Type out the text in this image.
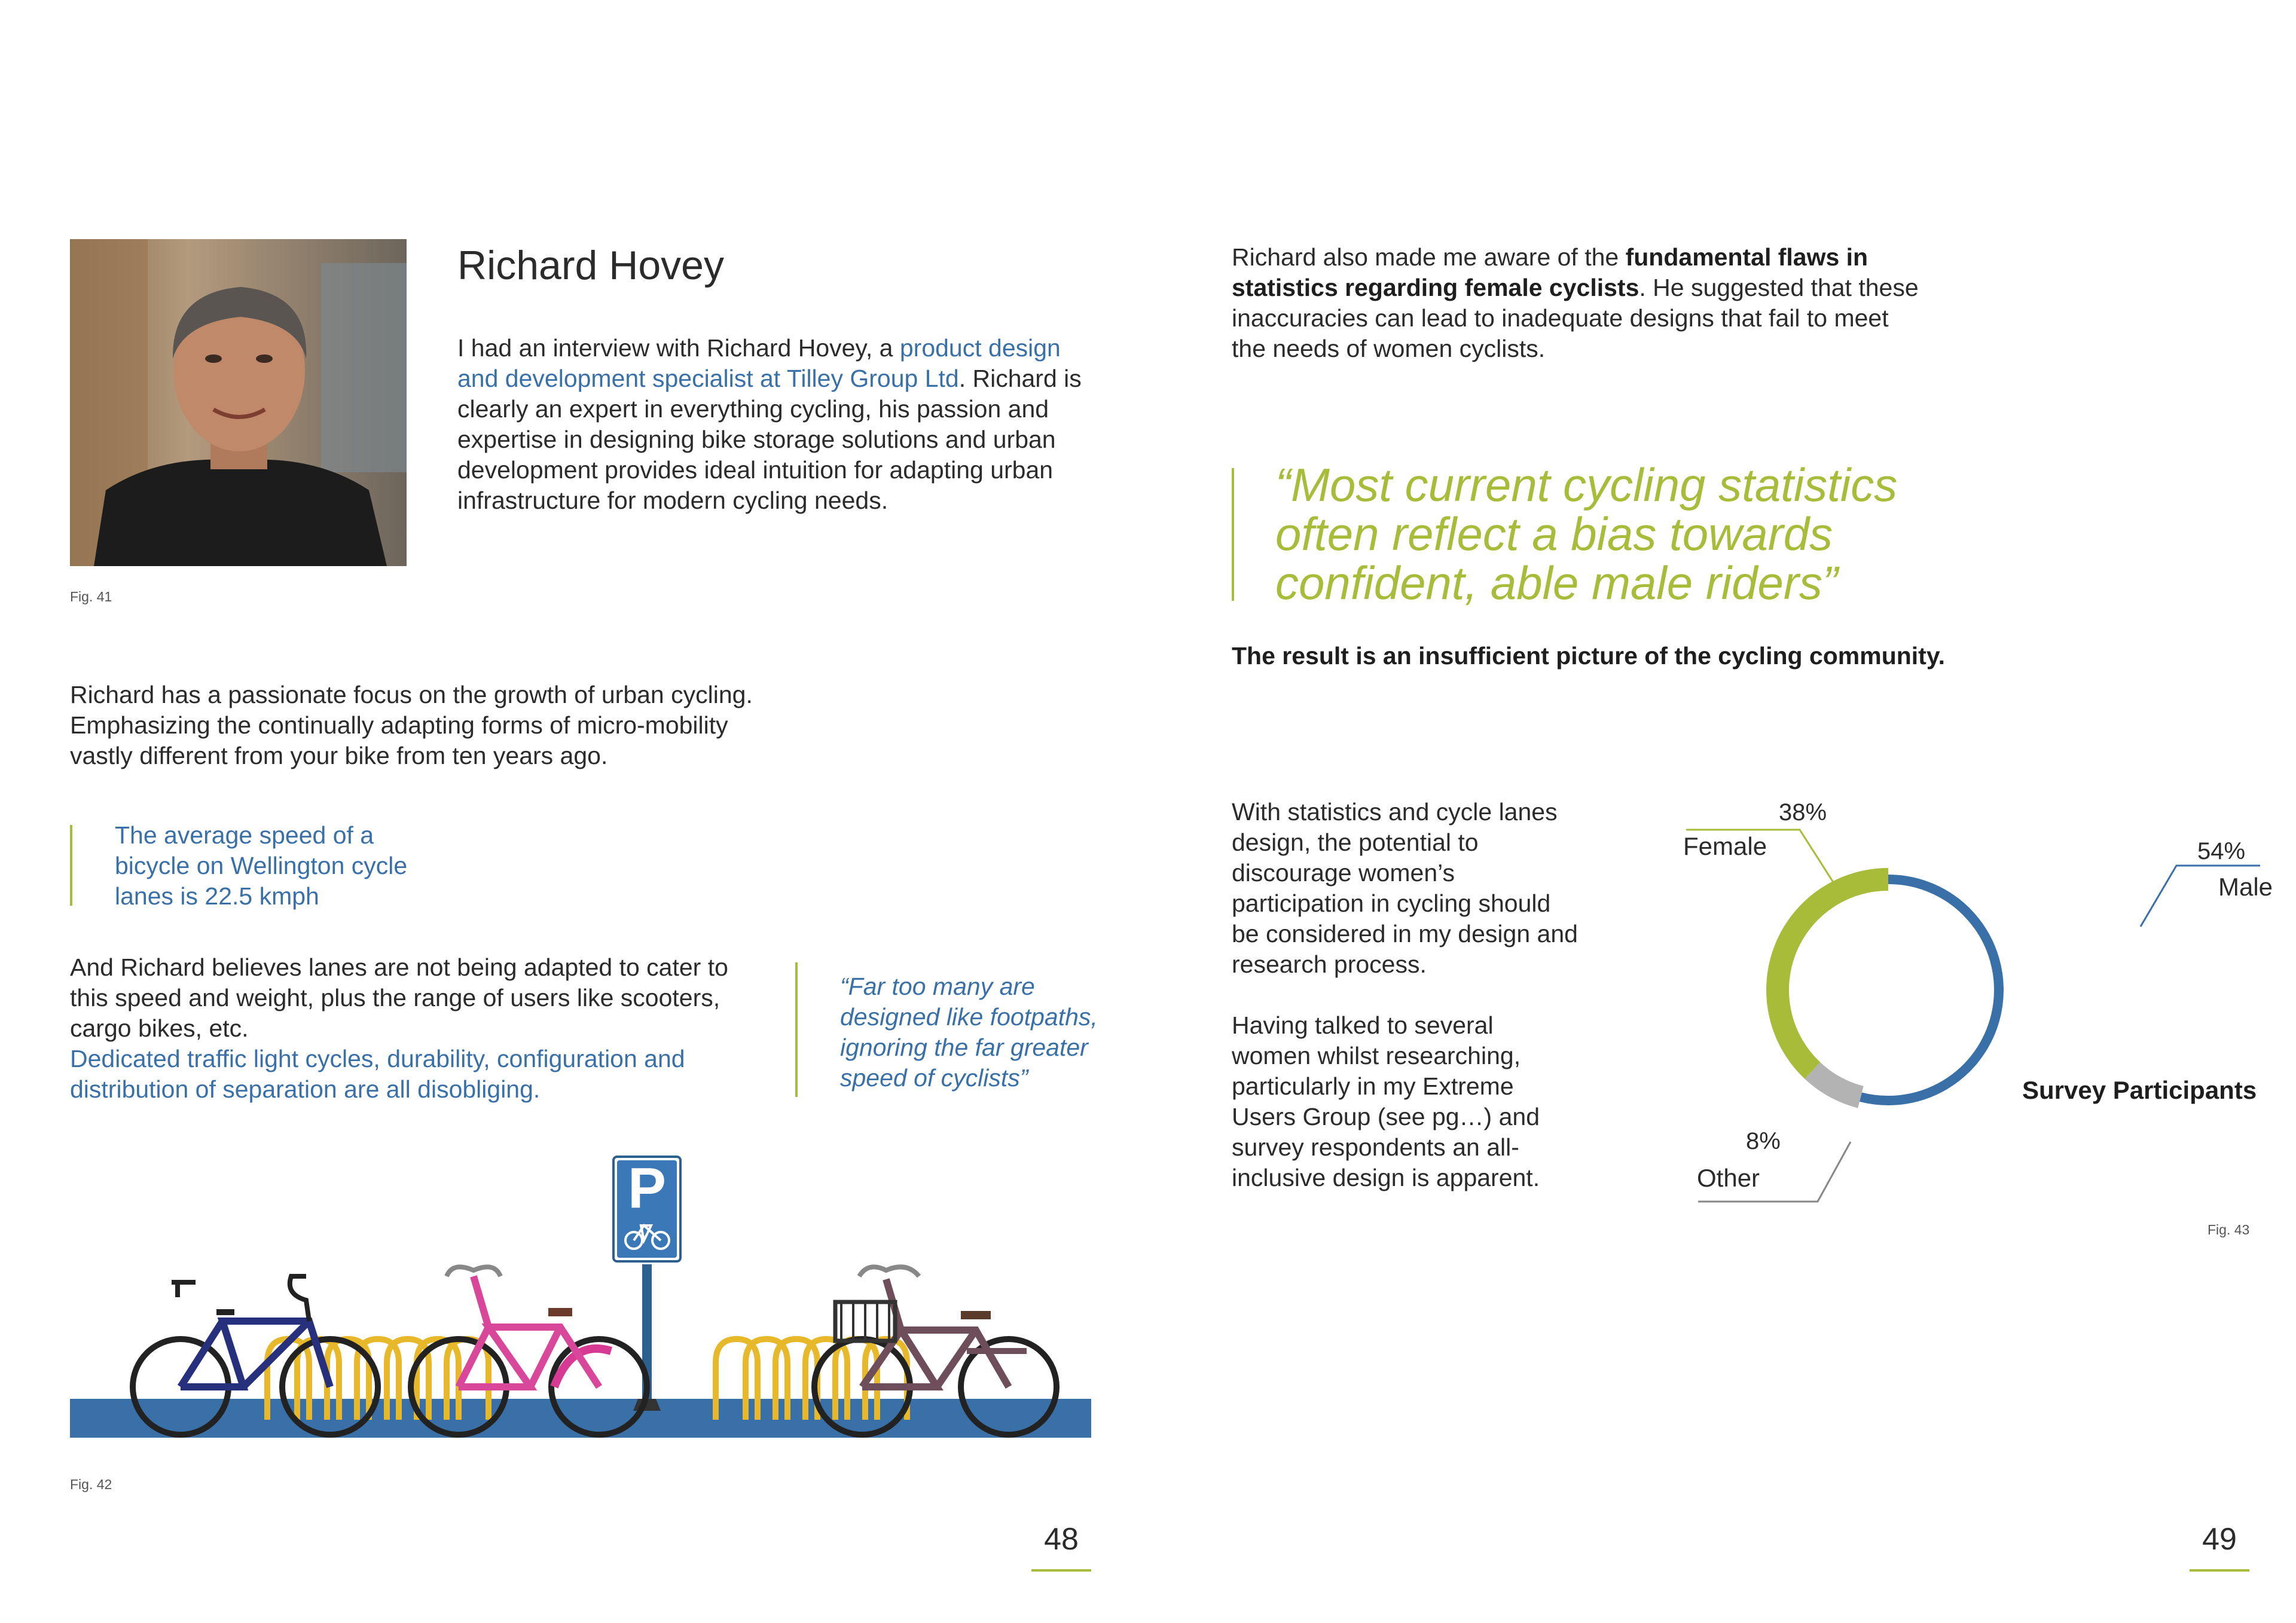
Fig. 41
Richard Hovey
I had an interview with Richard Hovey, a product design and development specialist at Tilley Group Ltd. Richard is clearly an expert in everything cycling, his passion and expertise in designing bike storage solutions and urban development provides ideal intuition for adapting urban infrastructure for modern cycling needs.
Richard has a passionate focus on the growth of urban cycling. Emphasizing the continually adapting forms of micro-mobility vastly different from your bike from ten years ago.
The average speed of a bicycle on Wellington cycle lanes is 22.5 kmph
And Richard believes lanes are not being adapted to cater to this speed and weight, plus the range of users like scooters, cargo bikes, etc.
Dedicated traffic light cycles, durability, configuration and distribution of separation are all disobliging.
“Far too many are designed like footpaths, ignoring the far greater speed of cyclists”
P
Fig. 42
48
Richard also made me aware of the fundamental flaws in statistics regarding female cyclists. He suggested that these inaccuracies can lead to inadequate designs that fail to meet the needs of women cyclists.
“Most current cycling statistics often reflect a bias towards confident, able male riders”
The result is an insufficient picture of the cycling community.
With statistics and cycle lanes design, the potential to discourage women’s participation in cycling should be considered in my design and research process.
Having talked to several women whilst researching, particularly in my Extreme Users Group (see pg…) and survey respondents an all-inclusive design is apparent.
38%
Female	54%
Male
8%
Other
Survey Participants
Fig. 43
49
